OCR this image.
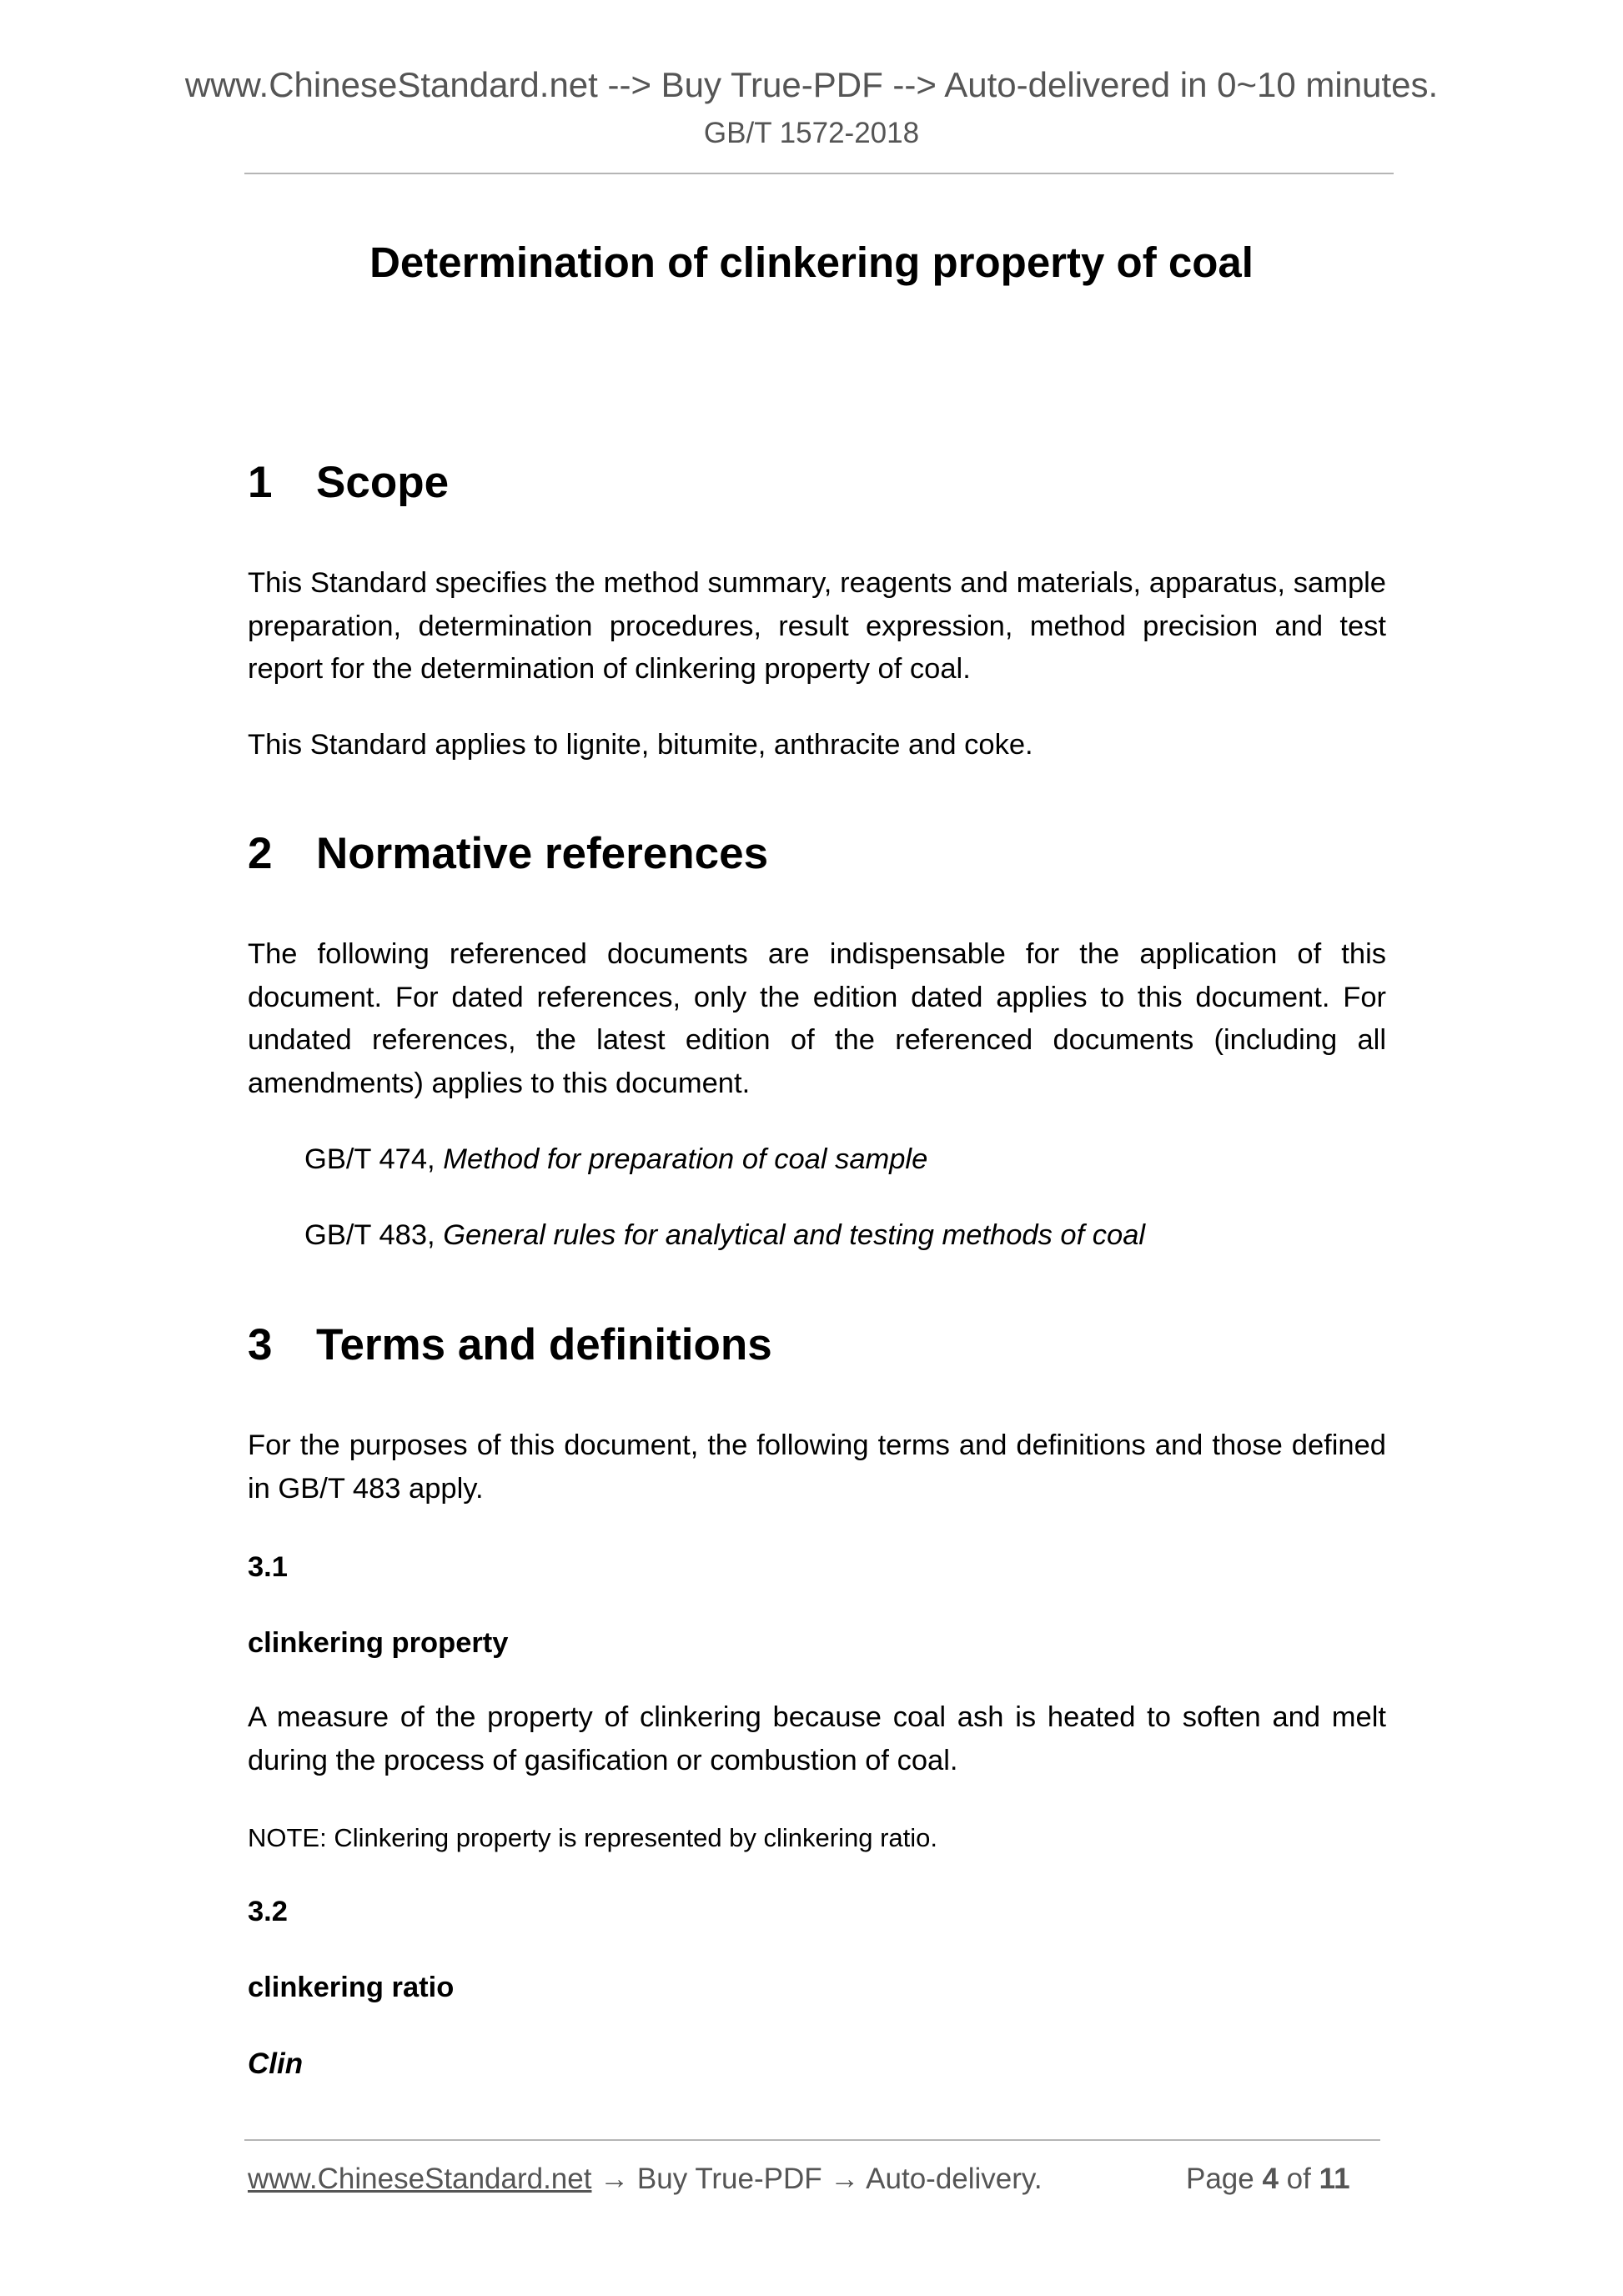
www.ChineseStandard.net --> Buy True-PDF --> Auto-delivered in 0~10 minutes.
GB/T 1572-2018
Determination of clinkering property of coal
1 Scope
This Standard specifies the method summary, reagents and materials, apparatus, sample preparation, determination procedures, result expression, method precision and test report for the determination of clinkering property of coal.
This Standard applies to lignite, bitumite, anthracite and coke.
2 Normative references
The following referenced documents are indispensable for the application of this document. For dated references, only the edition dated applies to this document. For undated references, the latest edition of the referenced documents (including all amendments) applies to this document.
GB/T 474, Method for preparation of coal sample
GB/T 483, General rules for analytical and testing methods of coal
3 Terms and definitions
For the purposes of this document, the following terms and definitions and those defined in GB/T 483 apply.
3.1
clinkering property
A measure of the property of clinkering because coal ash is heated to soften and melt during the process of gasification or combustion of coal.
NOTE: Clinkering property is represented by clinkering ratio.
3.2
clinkering ratio
Clin
www.ChineseStandard.net → Buy True-PDF → Auto-delivery.	Page 4 of 11
